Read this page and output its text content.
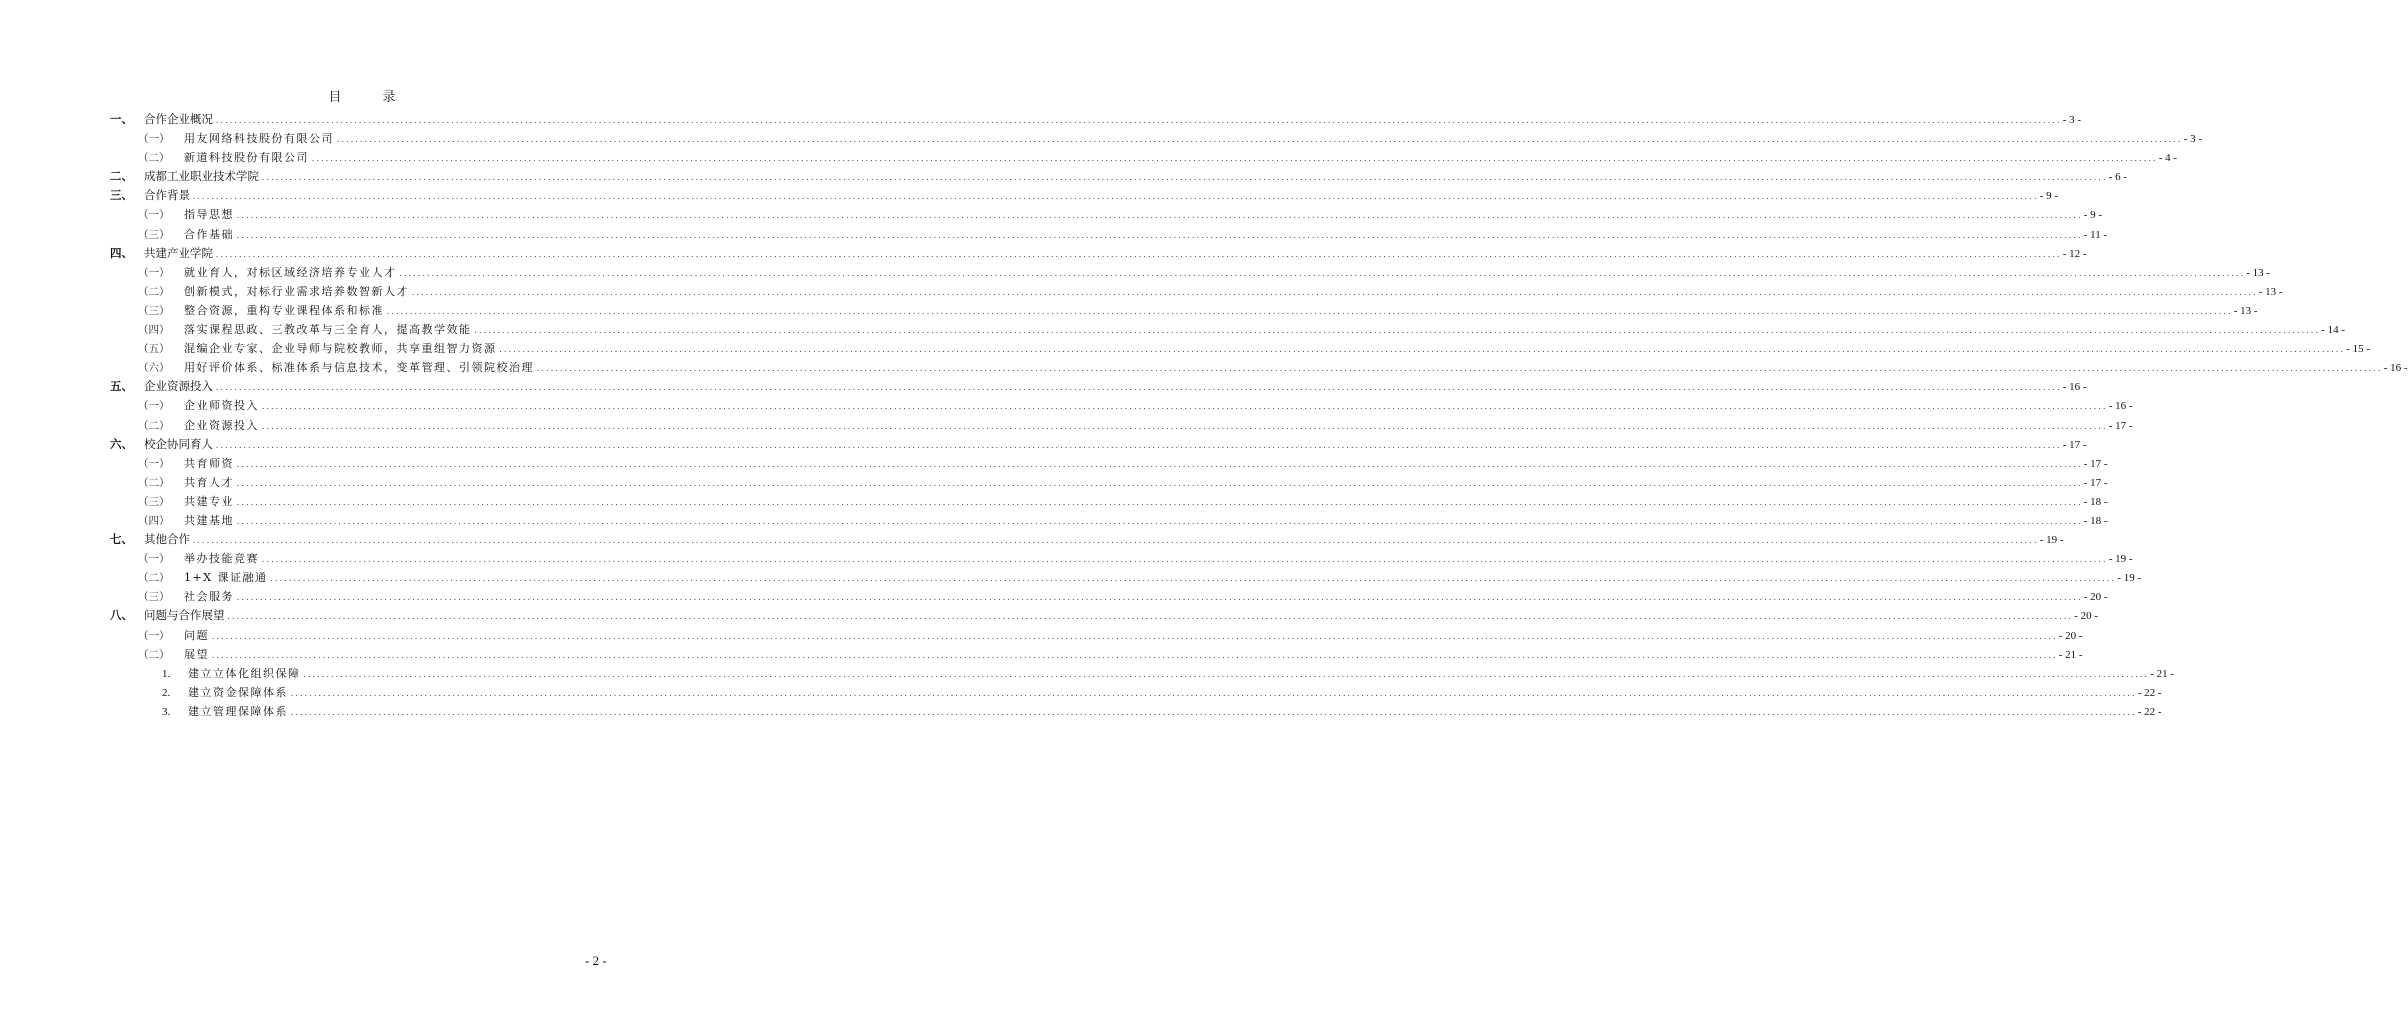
目　录
一、 合作企业概况 ................................................................................................................................................................................................................................................................................................................................................................................................................ - 3 -
（一）	用友网络科技股份有限公司 ................................................................................................................................................................................................................................................................................................................................................................................................................ - 3 -
（二）	新道科技股份有限公司 ................................................................................................................................................................................................................................................................................................................................................................................................................ - 4 -
二、 成都工业职业技术学院 ................................................................................................................................................................................................................................................................................................................................................................................................................ - 6 -
三、 合作背景 ................................................................................................................................................................................................................................................................................................................................................................................................................ - 9 -
（一）	指导思想 ................................................................................................................................................................................................................................................................................................................................................................................................................ - 9 -
（三）	合作基础 ................................................................................................................................................................................................................................................................................................................................................................................................................ - 11 -
四、 共建产业学院 ................................................................................................................................................................................................................................................................................................................................................................................................................ - 12 -
（一）	就业育人，对标区域经济培养专业人才 ................................................................................................................................................................................................................................................................................................................................................................................................................ - 13 -
（二）	创新模式，对标行业需求培养数智新人才 ................................................................................................................................................................................................................................................................................................................................................................................................................ - 13 -
（三）	整合资源，重构专业课程体系和标准 ................................................................................................................................................................................................................................................................................................................................................................................................................ - 13 -
（四）	落实课程思政、三教改革与三全育人，提高教学效能 ................................................................................................................................................................................................................................................................................................................................................................................................................ - 14 -
（五）	混编企业专家、企业导师与院校教师，共享重组智力资源 ................................................................................................................................................................................................................................................................................................................................................................................................................ - 15 -
（六）	用好评价体系、标准体系与信息技术，变革管理、引领院校治理 ................................................................................................................................................................................................................................................................................................................................................................................................................ - 16 -
五、 企业资源投入 ................................................................................................................................................................................................................................................................................................................................................................................................................ - 16 -
（一）	企业师资投入 ................................................................................................................................................................................................................................................................................................................................................................................................................ - 16 -
（二）	企业资源投入 ................................................................................................................................................................................................................................................................................................................................................................................................................ - 17 -
六、 校企协同育人 ................................................................................................................................................................................................................................................................................................................................................................................................................ - 17 -
（一）	共育师资 ................................................................................................................................................................................................................................................................................................................................................................................................................ - 17 -
（二）	共育人才 ................................................................................................................................................................................................................................................................................................................................................................................................................ - 17 -
（三）	共建专业 ................................................................................................................................................................................................................................................................................................................................................................................................................ - 18 -
（四）	共建基地 ................................................................................................................................................................................................................................................................................................................................................................................................................ - 18 -
七、 其他合作 ................................................................................................................................................................................................................................................................................................................................................................................................................ - 19 -
（一）	举办技能竞赛 ................................................................................................................................................................................................................................................................................................................................................................................................................ - 19 -
（二）	1+X 课证融通 ................................................................................................................................................................................................................................................................................................................................................................................................................ - 19 -
（三）	社会服务 ................................................................................................................................................................................................................................................................................................................................................................................................................ - 20 -
八、 问题与合作展望 ................................................................................................................................................................................................................................................................................................................................................................................................................ - 20 -
（一）	问题 ................................................................................................................................................................................................................................................................................................................................................................................................................ - 20 -
（二）	展望 ................................................................................................................................................................................................................................................................................................................................................................................................................ - 21 -
1.	建立立体化组织保障 ................................................................................................................................................................................................................................................................................................................................................................................................................ - 21 -
2.	建立资金保障体系 ................................................................................................................................................................................................................................................................................................................................................................................................................ - 22 -
3.	建立管理保障体系 ................................................................................................................................................................................................................................................................................................................................................................................................................ - 22 -
- 2 -
